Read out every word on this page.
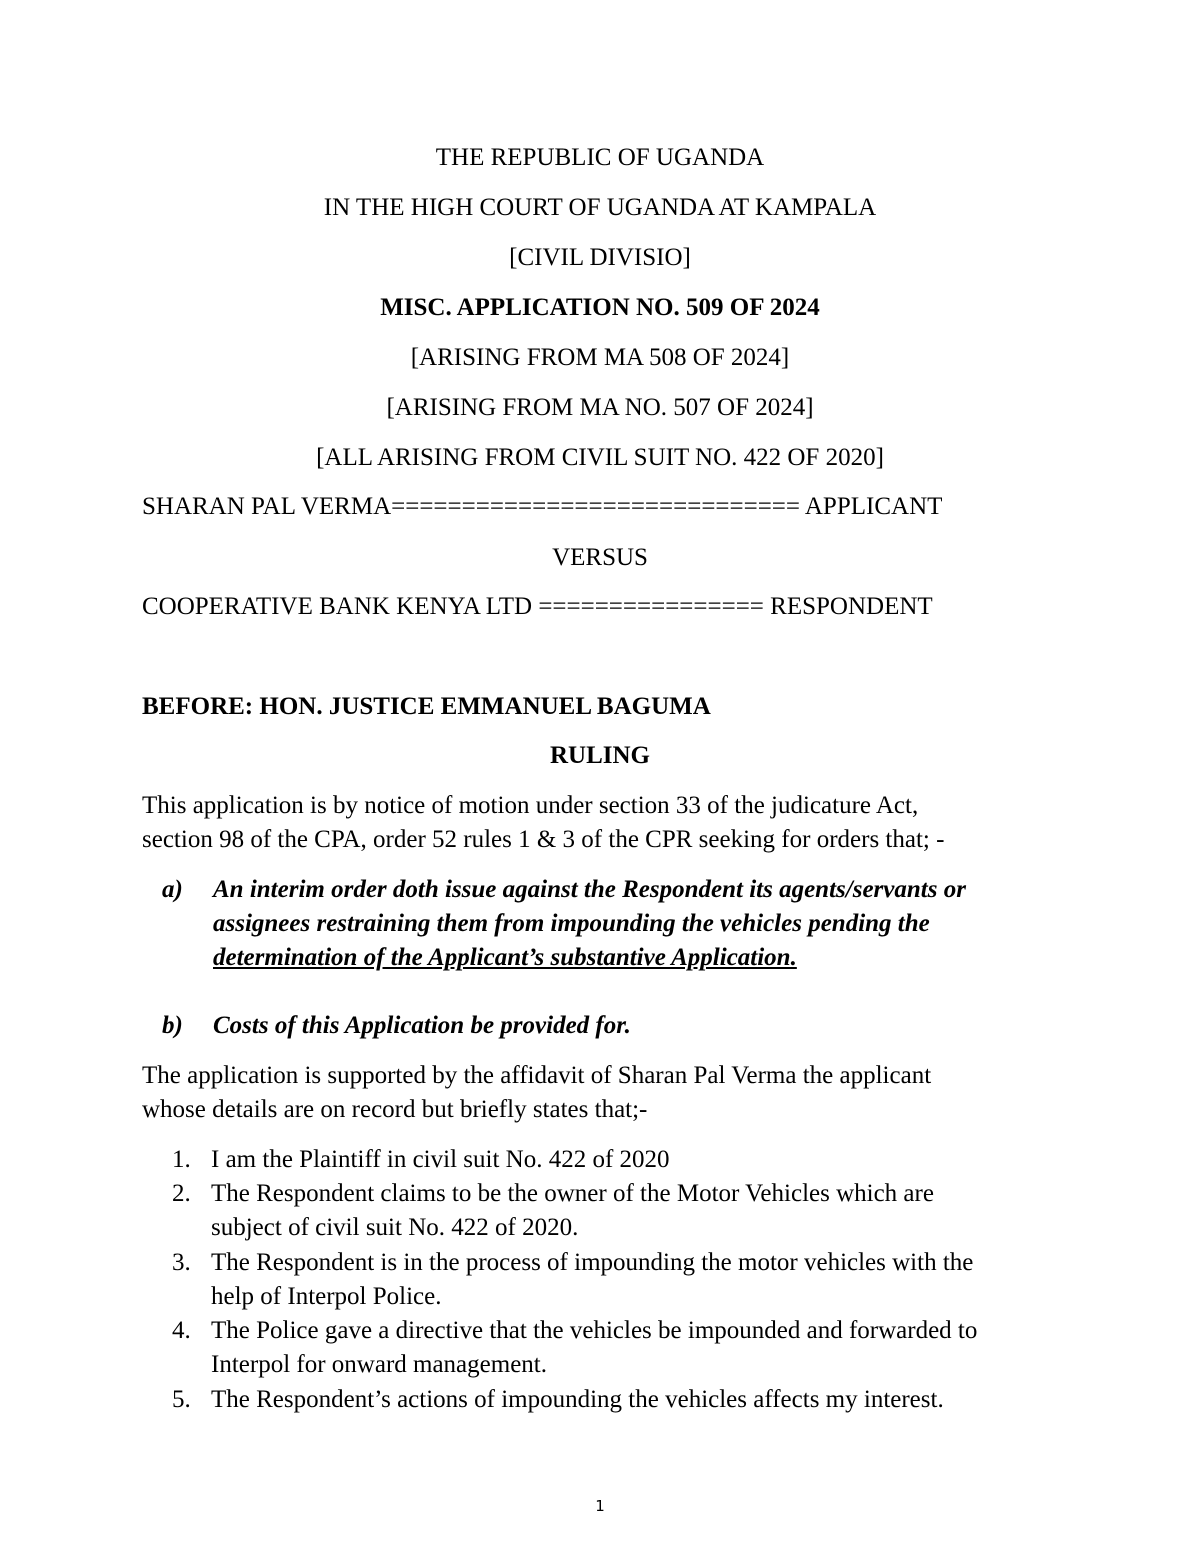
THE REPUBLIC OF UGANDA
IN THE HIGH COURT OF UGANDA AT KAMPALA
[CIVIL DIVISIO]
MISC. APPLICATION NO. 509 OF 2024
[ARISING FROM MA 508 OF 2024]
[ARISING FROM MA NO. 507 OF 2024]
[ALL ARISING FROM CIVIL SUIT NO. 422 OF 2020]
SHARAN PAL VERMA============================= APPLICANT
VERSUS
COOPERATIVE BANK KENYA LTD ================ RESPONDENT
BEFORE: HON. JUSTICE EMMANUEL BAGUMA
RULING
This application is by notice of motion under section 33 of the judicature Act,
section 98 of the CPA, order 52 rules 1 & 3 of the CPR seeking for orders that; -
a) An interim order doth issue against the Respondent its agents/servants or
assignees restraining them from impounding the vehicles pending the
determination of the Applicant’s substantive Application.
b) Costs of this Application be provided for.
The application is supported by the affidavit of Sharan Pal Verma the applicant
whose details are on record but briefly states that;-
1. I am the Plaintiff in civil suit No. 422 of 2020
2. The Respondent claims to be the owner of the Motor Vehicles which are
subject of civil suit No. 422 of 2020.
3. The Respondent is in the process of impounding the motor vehicles with the
help of Interpol Police.
4. The Police gave a directive that the vehicles be impounded and forwarded to
Interpol for onward management.
5. The Respondent’s actions of impounding the vehicles affects my interest.
1
